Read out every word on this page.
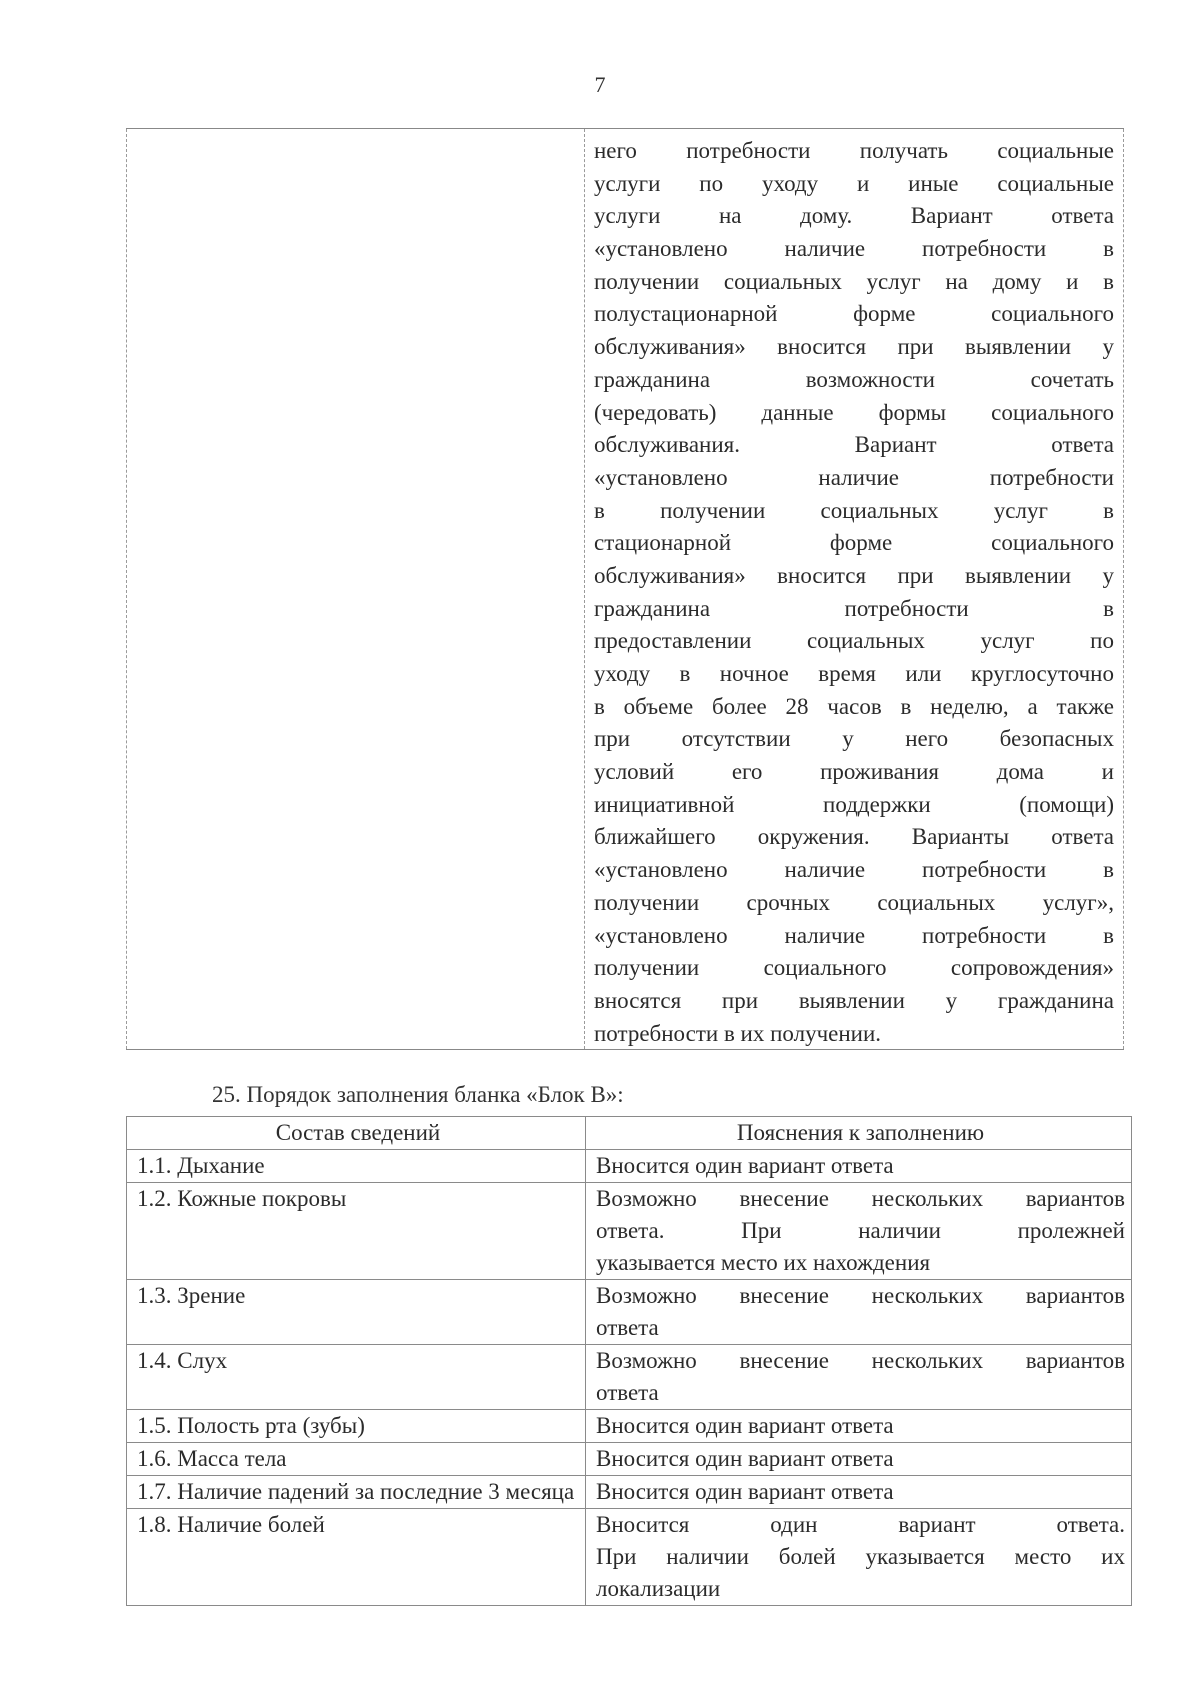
7
него потребности получать социальные
услуги по уходу и иные социальные
услуги на дому. Вариант ответа
«установлено наличие потребности в
получении социальных услуг на дому и в
полустационарной форме социального
обслуживания» вносится при выявлении у
гражданина возможности сочетать
(чередовать) данные формы социального
обслуживания. Вариант ответа
«установлено наличие потребности
в получении социальных услуг в
стационарной форме социального
обслуживания» вносится при выявлении у
гражданина потребности в
предоставлении социальных услуг по
уходу в ночное время или круглосуточно
в объеме более 28 часов в неделю, а также
при отсутствии у него безопасных
условий его проживания дома и
инициативной поддержки (помощи)
ближайшего окружения. Варианты ответа
«установлено наличие потребности в
получении срочных социальных услуг»,
«установлено наличие потребности в
получении социального сопровождения»
вносятся при выявлении у гражданина
потребности в их получении.
25. Порядок заполнения бланка «Блок В»:
Состав сведений	Пояснения к заполнению
1.1. Дыхание	Вносится один вариант ответа

1.2. Кожные покровы	Возможно внесение нескольких вариантов
ответа. При наличии пролежней
указывается место их нахождения

1.3. Зрение	Возможно внесение нескольких вариантов
ответа

1.4. Слух	Возможно внесение нескольких вариантов
ответа

1.5. Полость рта (зубы)	Вносится один вариант ответа

1.6. Масса тела	Вносится один вариант ответа

1.7. Наличие падений за последние 3 месяца	Вносится один вариант ответа

1.8. Наличие болей	Вносится один вариант ответа.
При наличии болей указывается место их
локализации
